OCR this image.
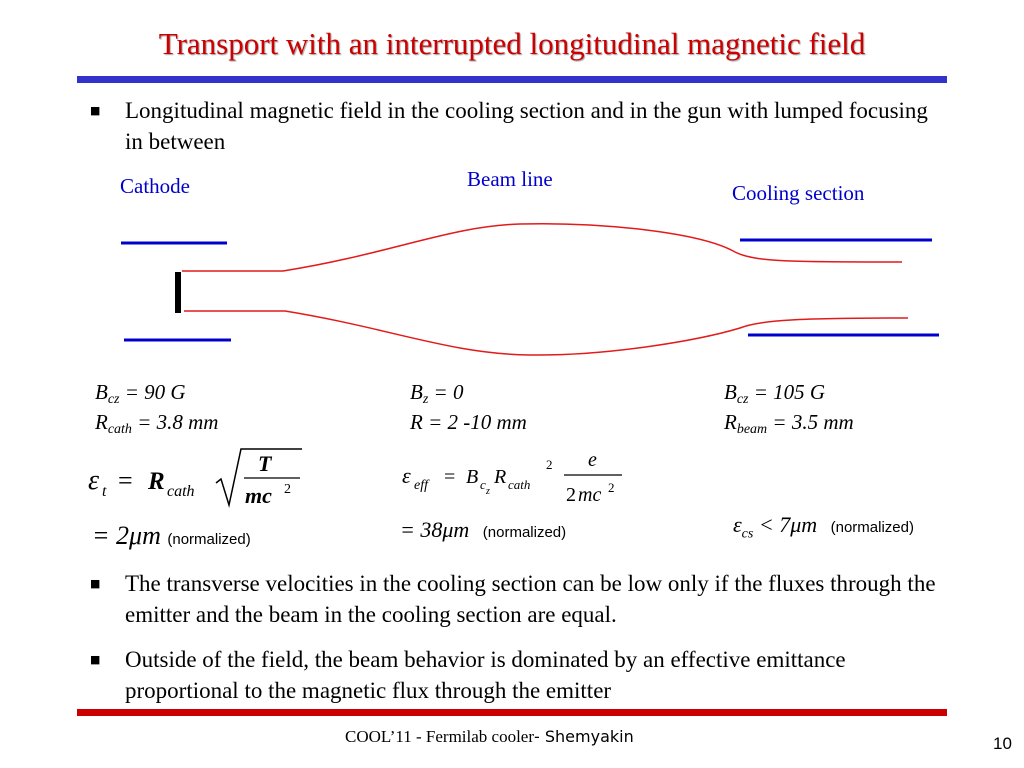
Transport with an interrupted longitudinal magnetic field
■ Longitudinal magnetic field in the cooling section and in the gun with lumped focusing in between
Cathode	Beam line
Cooling section
$B_{cz} = 90$ G
$R_{cath} = 3.8$ mm
ε t = R cath
T
mc 2
= 2μm (normalized)
$B_z = 0$
R = 2 -10 mm
ε eff = B c z
R cath
2 e
2 mc 2
= 38μm (normalized)
$B_{cz} = 105$ G
$R_{beam} = 3.5$ mm
$\varepsilon_{cs} < 7\mu m$ (normalized)
■ The transverse velocities in the cooling section can be low only if the fluxes through the emitter and the beam in the cooling section are equal.
■ Outside of the field, the beam behavior is dominated by an effective emittance proportional to the magnetic flux through the emitter
COOL’11 - Fermilab cooler- Shemyakin	10
